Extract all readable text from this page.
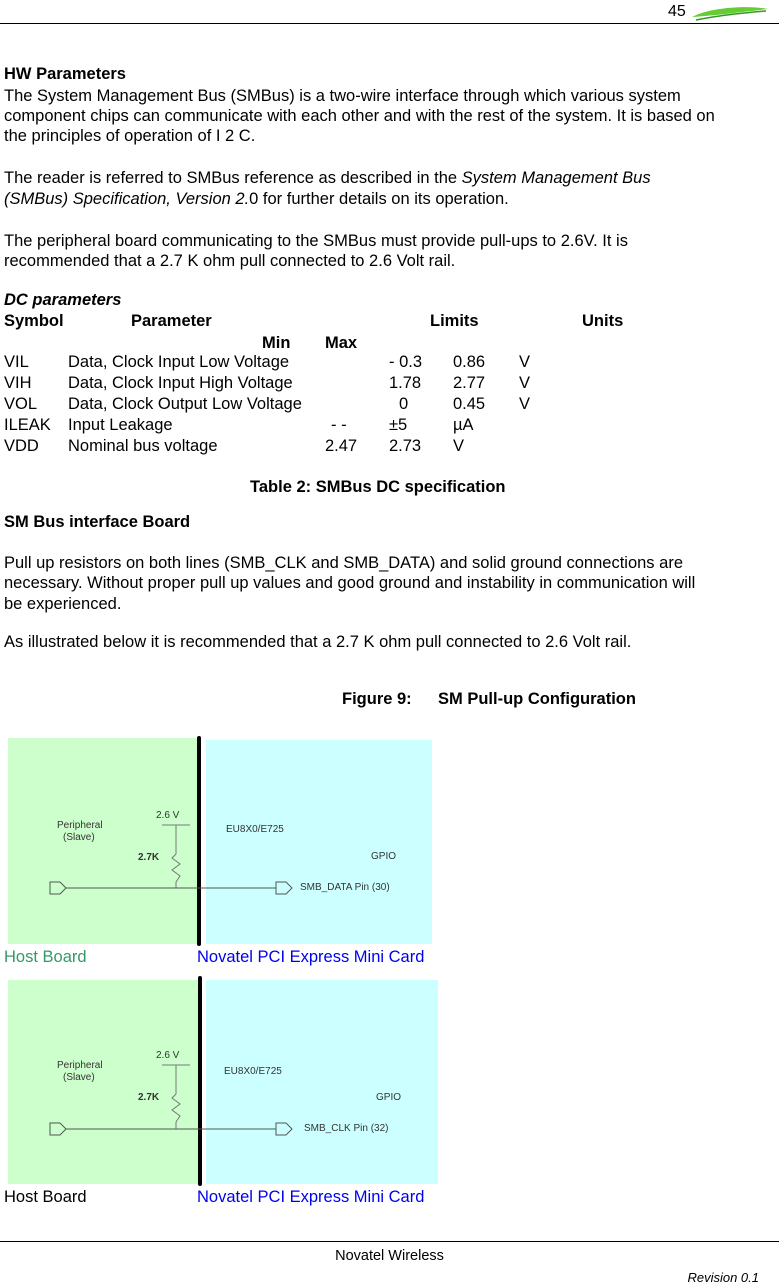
45
HW Parameters
The System Management Bus (SMBus) is a two-wire interface through which various system
component chips can communicate with each other and with the rest of the system. It is based on
the principles of operation of I 2 C.
The reader is referred to SMBus reference as described in the System Management Bus
(SMBus) Specification, Version 2.0 for further details on its operation.
The peripheral board communicating to the SMBus must provide pull-ups to 2.6V. It is
recommended that a 2.7 K ohm pull connected to 2.6 Volt rail.
DC parameters
Symbol	Parameter	Limits	Units
Min Max
VIL Data, Clock Input Low Voltage	- 0.3 0.86 V
VIH Data, Clock Input High Voltage	1.78 2.77 V
VOL Data, Clock Output Low Voltage	0	0.45 V
ILEAK Input Leakage	- -	±5	µA
VDD Nominal bus voltage	2.47 2.73 V
Table 2: SMBus DC specification
SM Bus interface Board
Pull up resistors on both lines (SMB_CLK and SMB_DATA) and solid ground connections are
necessary. Without proper pull up values and good ground and instability in communication will
be experienced.
As illustrated below it is recommended that a 2.7 K ohm pull connected to 2.6 Volt rail.
Figure 9: SM Pull-up Configuration
Peripheral
(Slave)
2.6 V
2.7K
EU8X0/E725
GPIO
SMB_DATA Pin (30)
Host Board	Novatel PCI Express Mini Card
Peripheral
(Slave)
2.6 V
2.7K
EU8X0/E725
GPIO
SMB_CLK Pin (32)
Host Board	Novatel PCI Express Mini Card
Novatel Wireless
Revision 0.1
